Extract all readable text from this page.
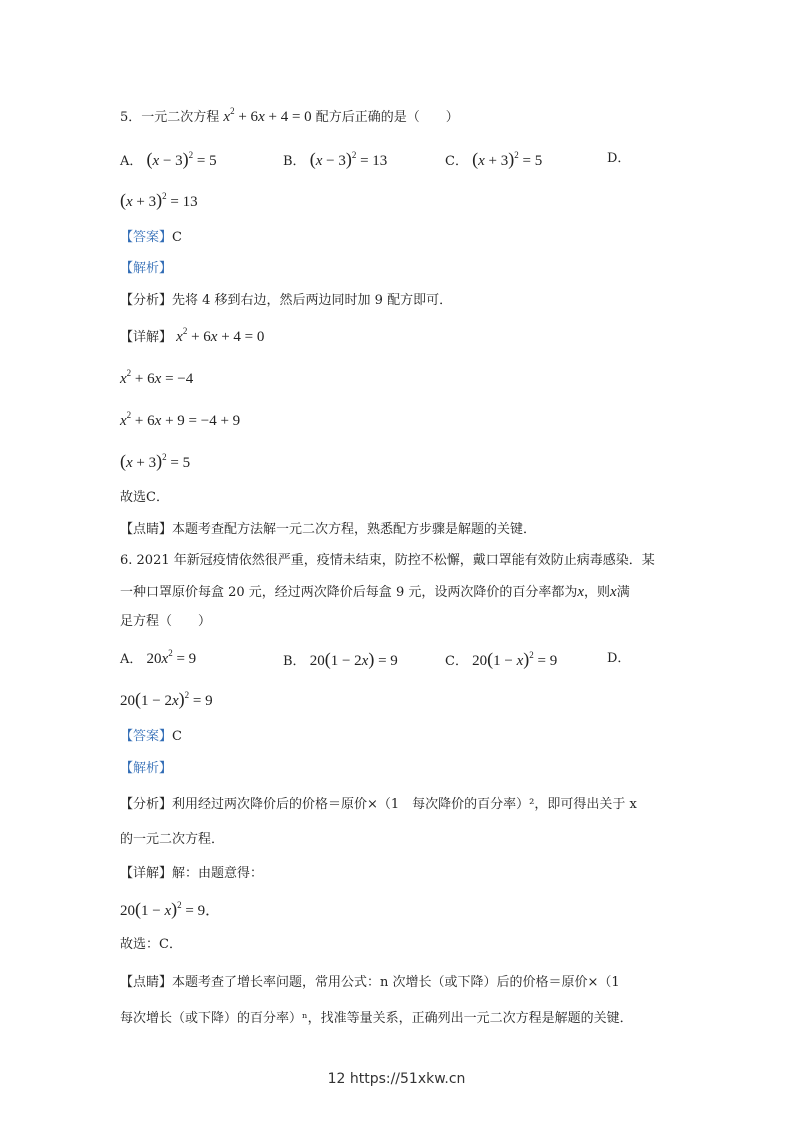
5．一元二次方程 $x^2 + 6x + 4 = 0$ 配方后正确的是（　　）
A． $(x - 3)^2 = 5$	B． $(x - 3)^2 = 13$	C． $(x + 3)^2 = 5$	D．
$(x + 3)^2 = 13$
【答案】C
【解析】
【分析】先将 4 移到右边，然后两边同时加 9 配方即可．
【详解】 $x^2 + 6x + 4 = 0$
$x^2 + 6x = -4$
$x^2 + 6x + 9 = -4 + 9$
$(x + 3)^2 = 5$
故选C．
【点睛】本题考查配方法解一元二次方程，熟悉配方步骤是解题的关键．
6. 2021 年新冠疫情依然很严重，疫情未结束，防控不松懈，戴口罩能有效防止病毒感染．某
一种口罩原价每盒 20 元，经过两次降价后每盒 9 元，设两次降价的百分率都为x，则x满
足方程（　　）
A． $20x^2 = 9$	B． 20(1 − 2x) = 9	C． $20(1 - x)^2 = 9$	D．
$20(1 - 2x)^2 = 9$
【答案】C
【解析】
【分析】利用经过两次降价后的价格＝原价×（1　每次降价的百分率）²，即可得出关于 x
的一元二次方程．
【详解】解：由题意得：
$20(1 - x)^2 = 9$．
故选：C．
【点睛】本题考查了增长率问题，常用公式：n 次增长（或下降）后的价格＝原价×（1
每次增长（或下降）的百分率）ⁿ，找准等量关系，正确列出一元二次方程是解题的关键．
12 https://51xkw.cn
